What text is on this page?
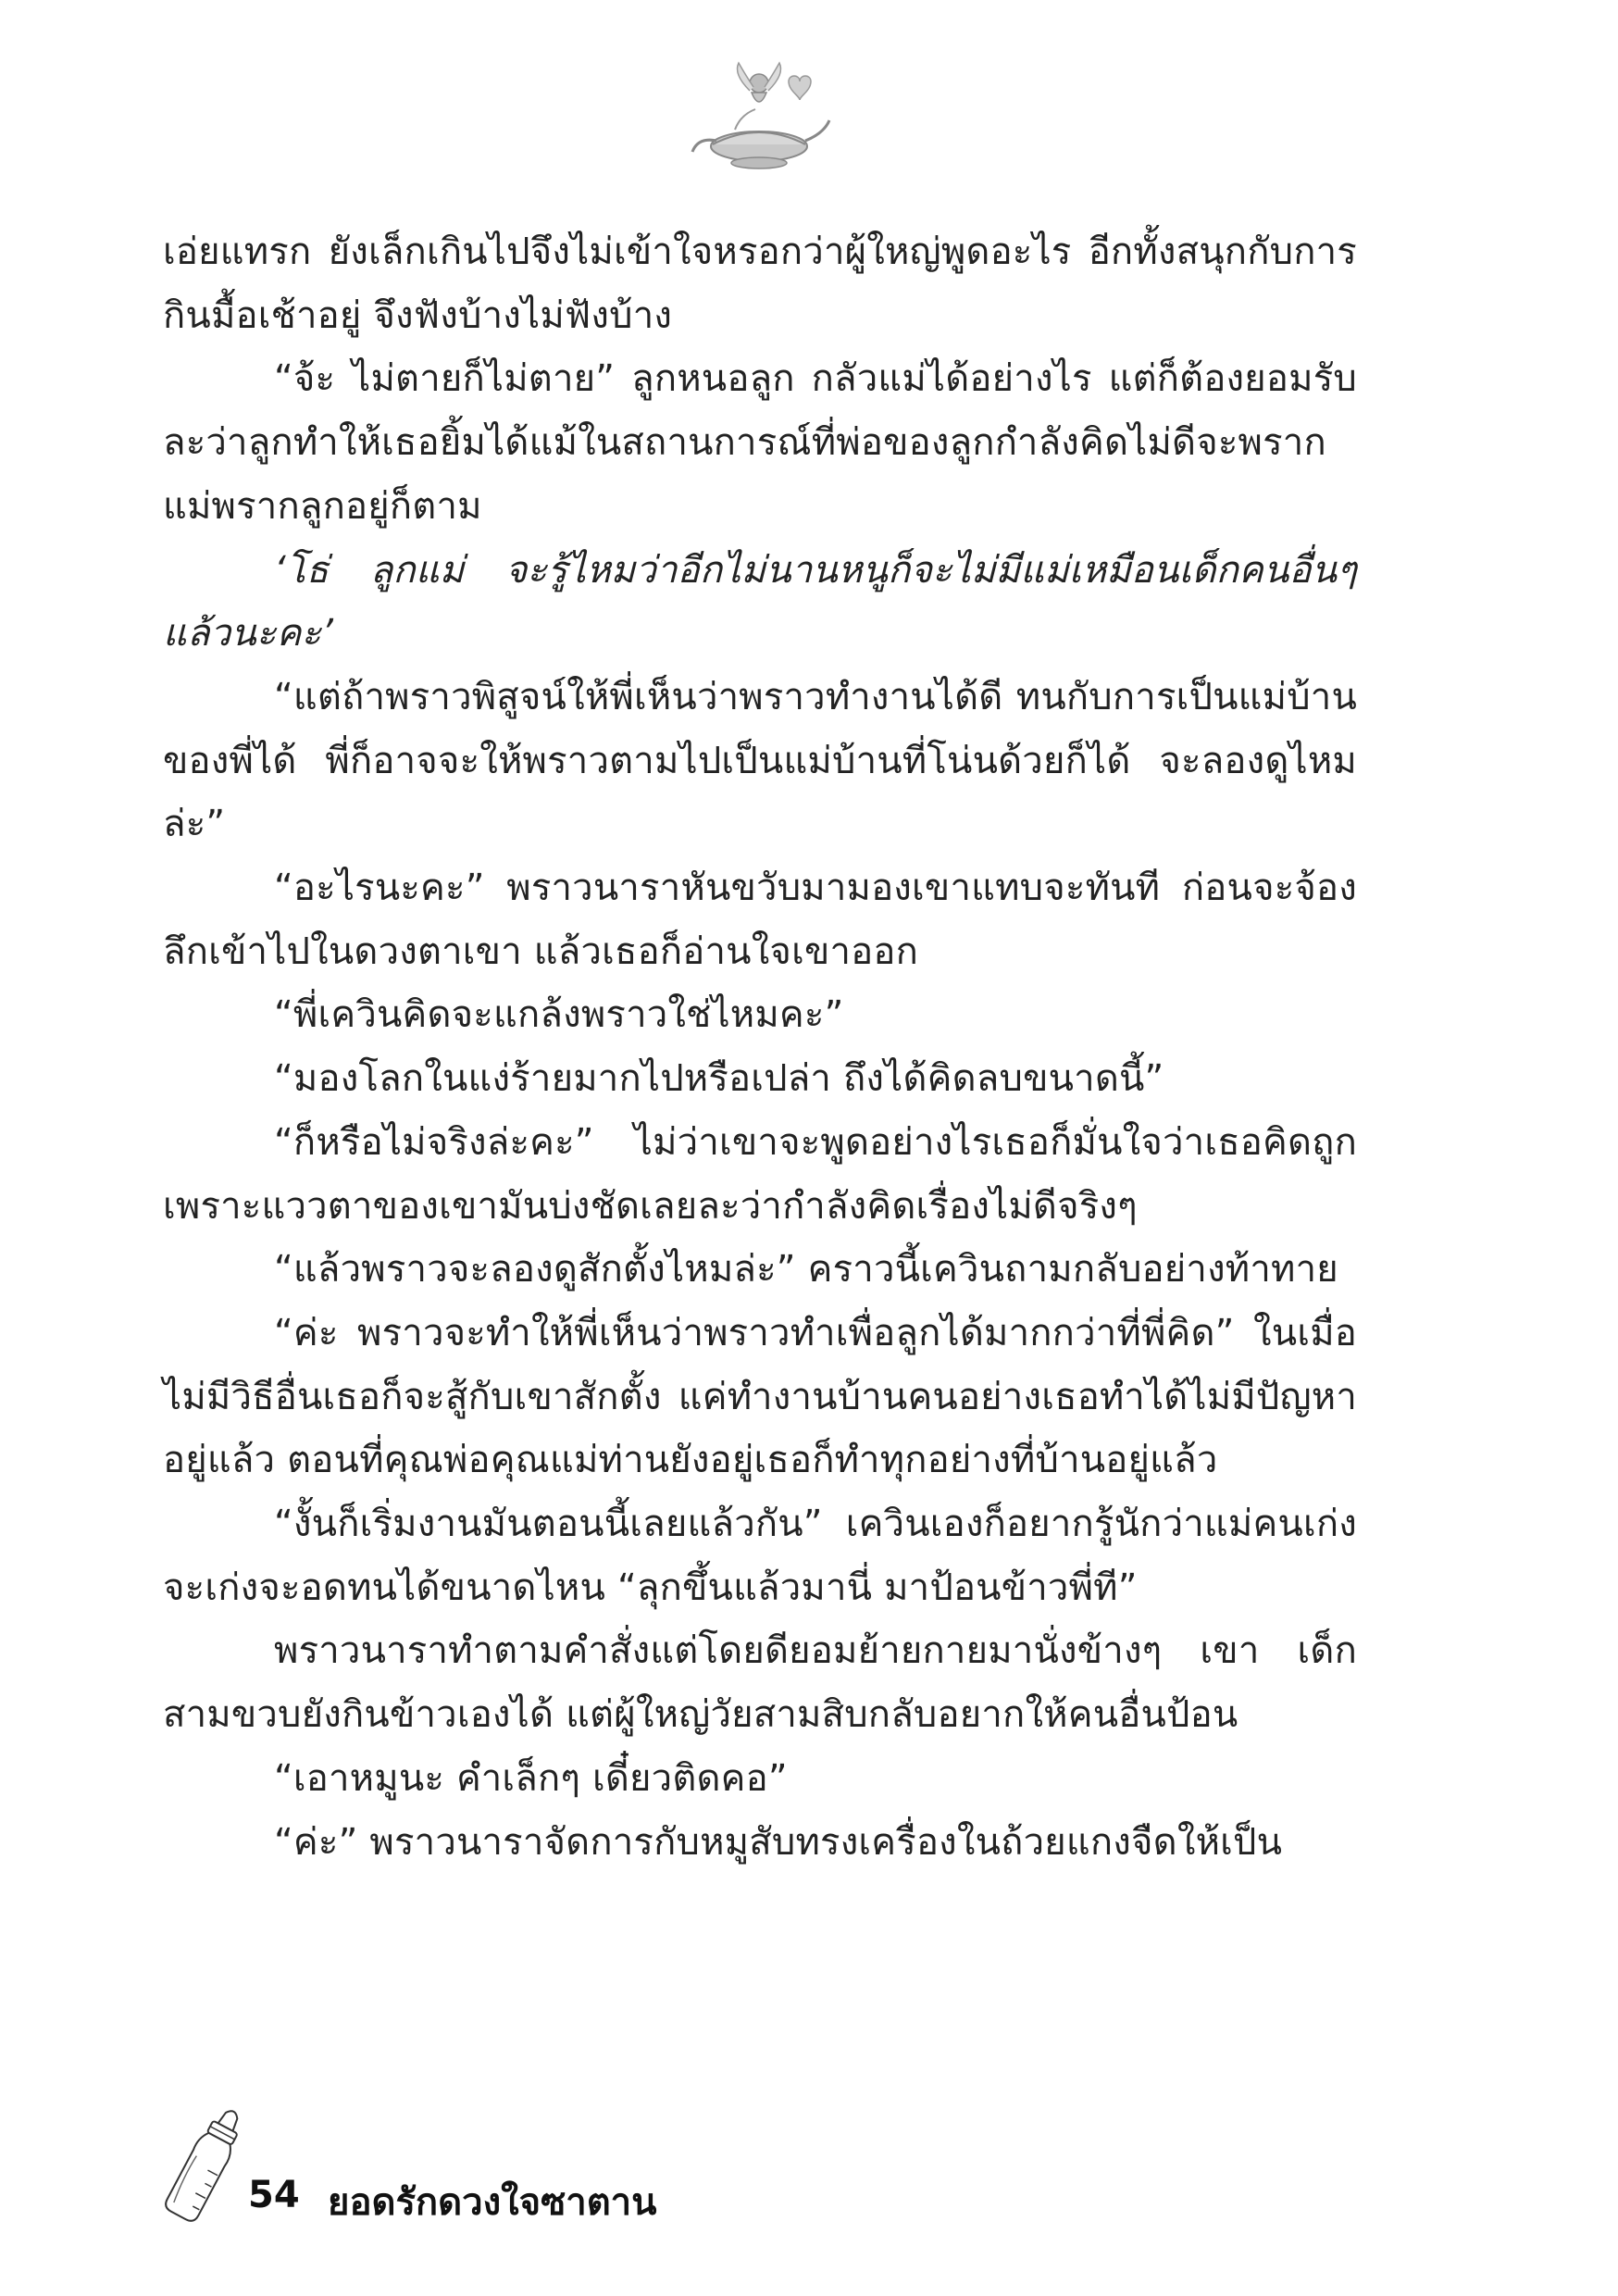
เอ่ยแทรก ยังเล็กเกินไปจึงไม่เข้าใจหรอกว่าผู้ใหญ่พูดอะไร อีกทั้งสนุกกับการกินมื้อเช้าอยู่ จึงฟังบ้างไม่ฟังบ้าง

“จ้ะ ไม่ตายก็ไม่ตาย” ลูกหนอลูก กลัวแม่ได้อย่างไร แต่ก็ต้องยอมรับละว่าลูกทำให้เธอยิ้มได้แม้ในสถานการณ์ที่พ่อของลูกกำลังคิดไม่ดีจะพรากแม่พรากลูกอยู่ก็ตาม

‘โธ่ ลูกแม่ จะรู้ไหมว่าอีกไม่นานหนูก็จะไม่มีแม่เหมือนเด็กคนอื่นๆ แล้วนะคะ’

“แต่ถ้าพราวพิสูจน์ให้พี่เห็นว่าพราวทำงานได้ดี ทนกับการเป็นแม่บ้านของพี่ได้ พี่ก็อาจจะให้พราวตามไปเป็นแม่บ้านที่โน่นด้วยก็ได้ จะลองดูไหมล่ะ”

“อะไรนะคะ” พราวนาราหันขวับมามองเขาแทบจะทันที ก่อนจะจ้องลึกเข้าไปในดวงตาเขา แล้วเธอก็อ่านใจเขาออก

“พี่เควินคิดจะแกล้งพราวใช่ไหมคะ”

“มองโลกในแง่ร้ายมากไปหรือเปล่า ถึงได้คิดลบขนาดนี้”

“ก็หรือไม่จริงล่ะคะ” ไม่ว่าเขาจะพูดอย่างไรเธอก็มั่นใจว่าเธอคิดถูก เพราะแววตาของเขามันบ่งชัดเลยละว่ากำลังคิดเรื่องไม่ดีจริงๆ

“แล้วพราวจะลองดูสักตั้งไหมล่ะ” คราวนี้เควินถามกลับอย่างท้าทาย

“ค่ะ พราวจะทำให้พี่เห็นว่าพราวทำเพื่อลูกได้มากกว่าที่พี่คิด” ในเมื่อไม่มีวิธีอื่นเธอก็จะสู้กับเขาสักตั้ง แค่ทำงานบ้านคนอย่างเธอทำได้ไม่มีปัญหาอยู่แล้ว ตอนที่คุณพ่อคุณแม่ท่านยังอยู่เธอก็ทำทุกอย่างที่บ้านอยู่แล้ว

“งั้นก็เริ่มงานมันตอนนี้เลยแล้วกัน” เควินเองก็อยากรู้นักว่าแม่คนเก่งจะเก่งจะอดทนได้ขนาดไหน “ลุกขึ้นแล้วมานี่ มาป้อนข้าวพี่ที”

พราวนาราทำตามคำสั่งแต่โดยดียอมย้ายกายมานั่งข้างๆ เขา เด็กสามขวบยังกินข้าวเองได้ แต่ผู้ใหญ่วัยสามสิบกลับอยากให้คนอื่นป้อน

“เอาหมูนะ คำเล็กๆ เดี๋ยวติดคอ”

“ค่ะ” พราวนาราจัดการกับหมูสับทรงเครื่องในถ้วยแกงจืดให้เป็น

54 ยอดรักดวงใจซาตาน
